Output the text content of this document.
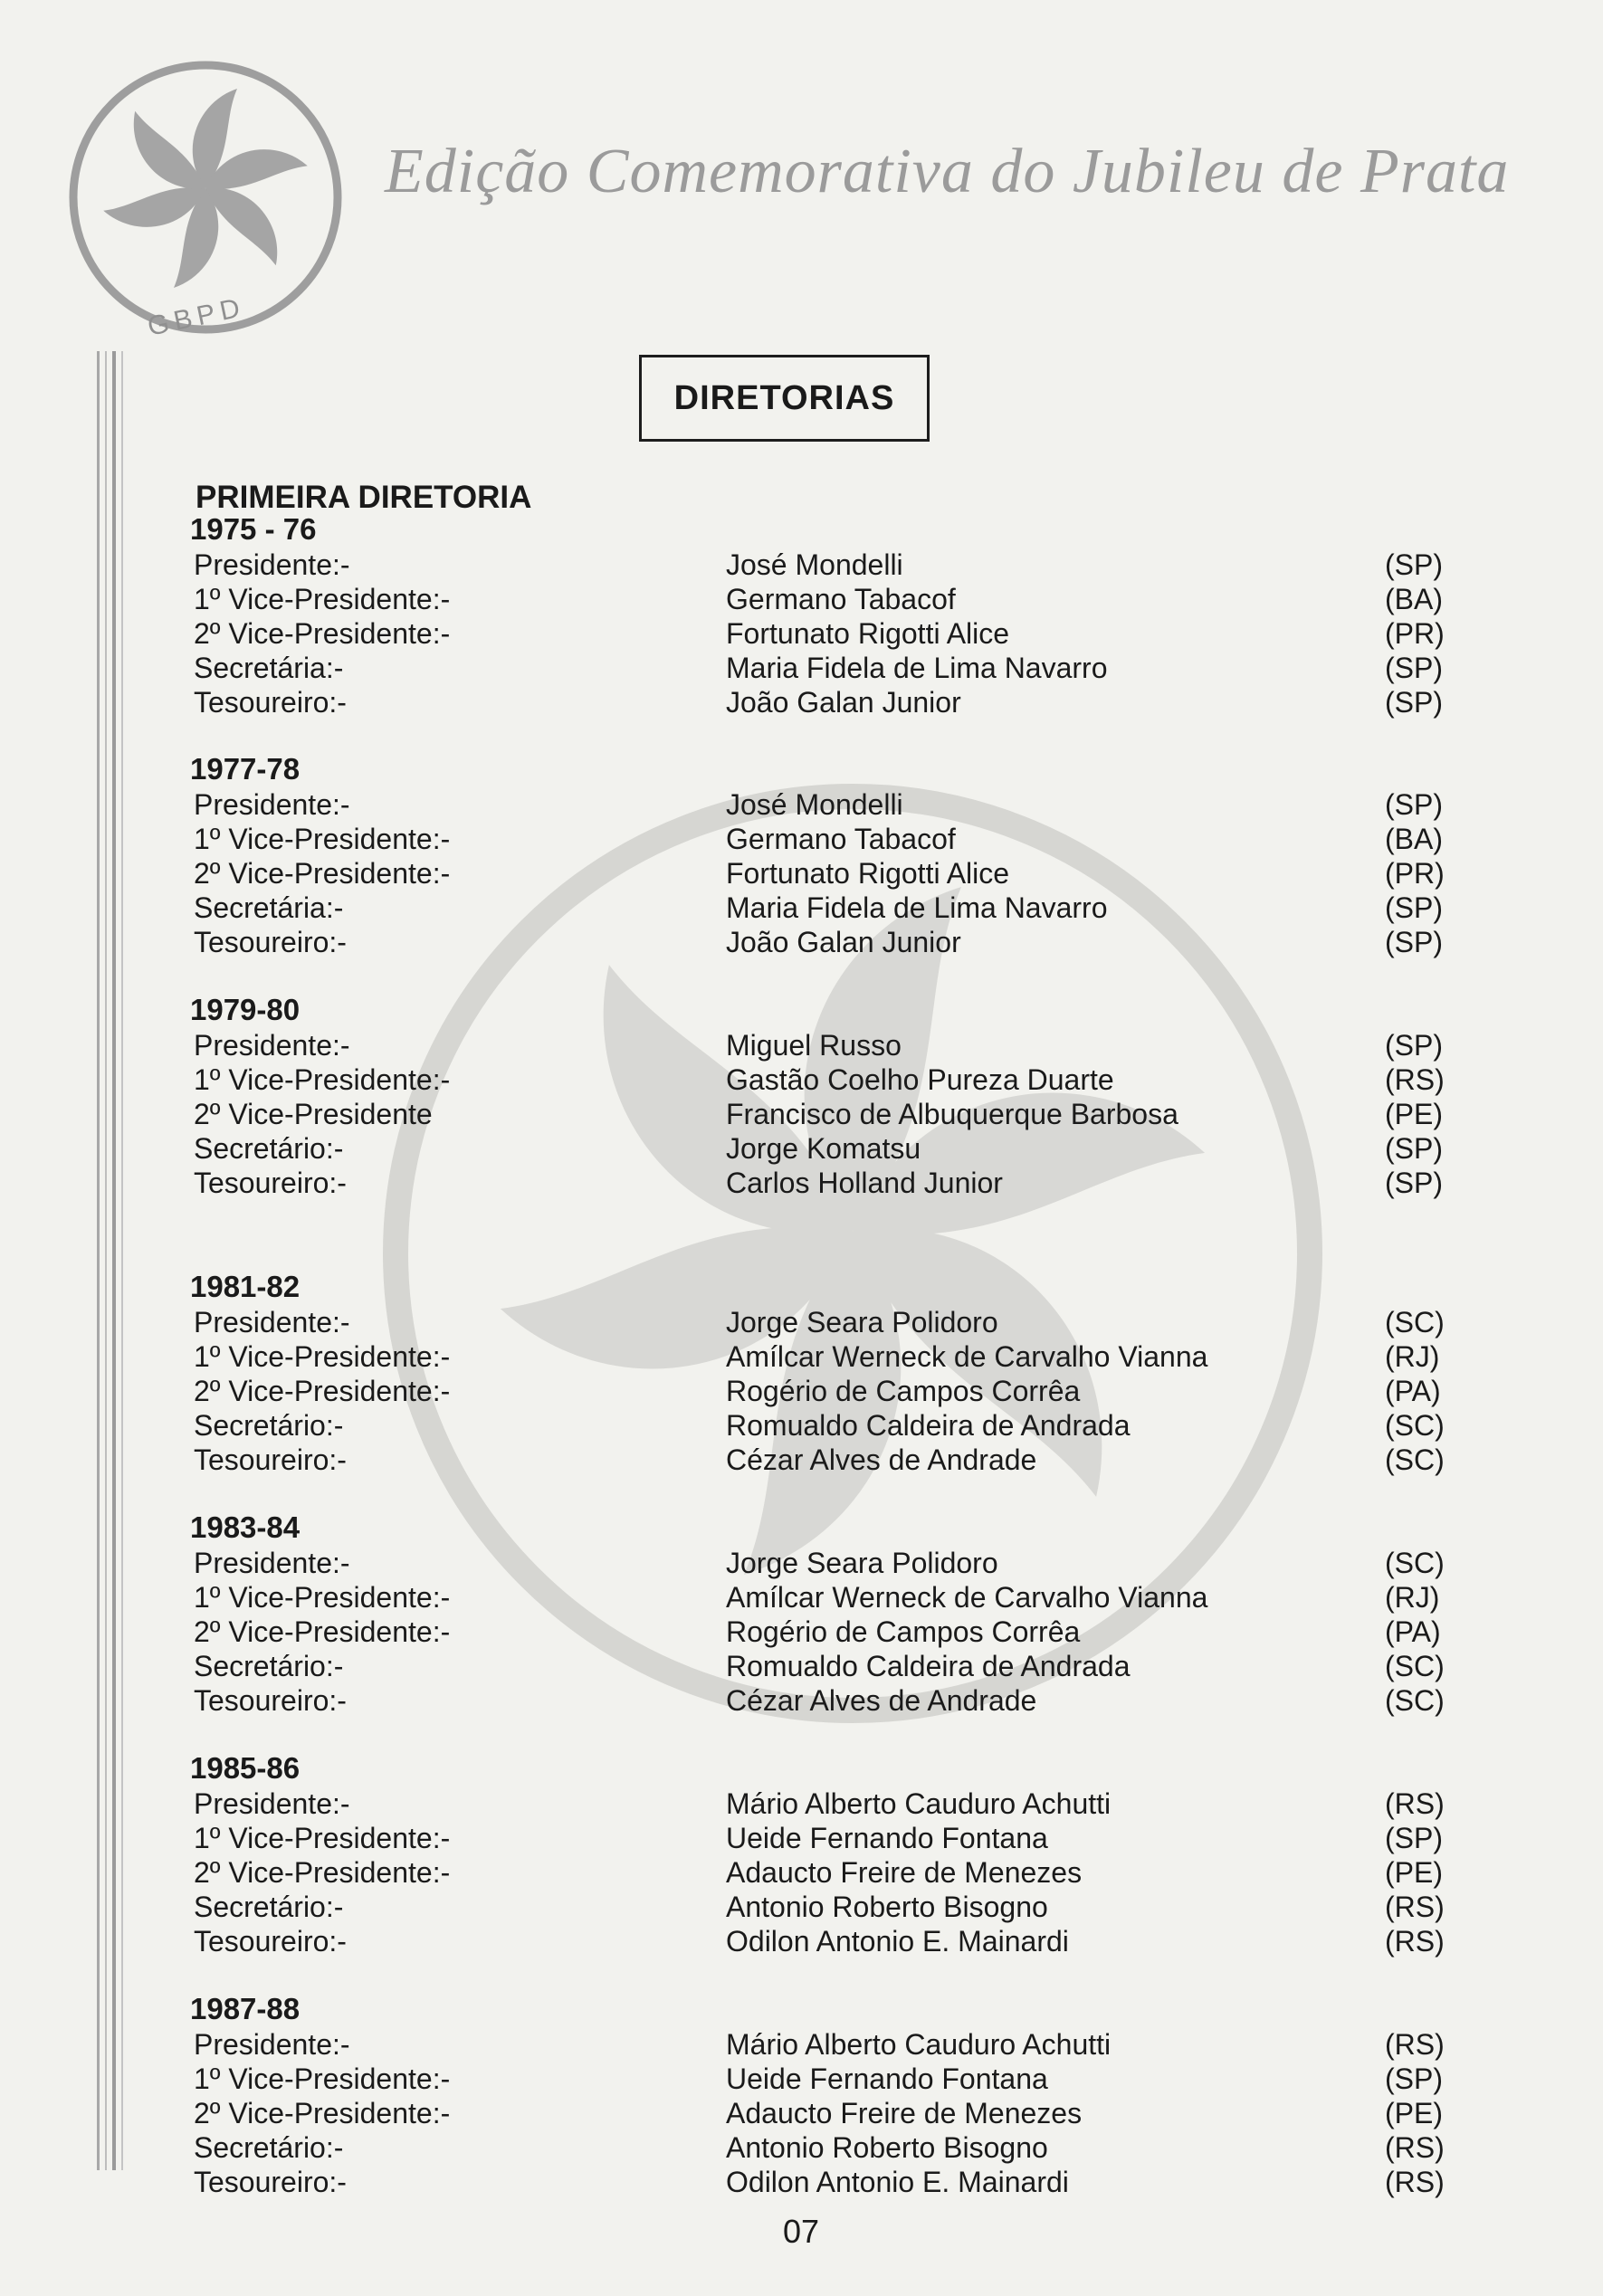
GBPD
Edição Comemorativa do Jubileu de Prata
DIRETORIAS
PRIMEIRA DIRETORIA
1975 - 76
Presidente:-	José Mondelli	(SP)
1º Vice-Presidente:-	Germano Tabacof	(BA)
2º Vice-Presidente:-	Fortunato Rigotti Alice	(PR)
Secretária:-	Maria Fidela de Lima Navarro	(SP)
Tesoureiro:-	João Galan Junior	(SP)
1977-78
Presidente:-	José Mondelli	(SP)
1º Vice-Presidente:-	Germano Tabacof	(BA)
2º Vice-Presidente:-	Fortunato Rigotti Alice	(PR)
Secretária:-	Maria Fidela de Lima Navarro	(SP)
Tesoureiro:-	João Galan Junior	(SP)
1979-80
Presidente:-	Miguel Russo	(SP)
1º Vice-Presidente:-	Gastão Coelho Pureza Duarte	(RS)
2º Vice-Presidente	Francisco de Albuquerque Barbosa	(PE)
Secretário:-	Jorge Komatsu	(SP)
Tesoureiro:-	Carlos Holland Junior	(SP)
1981-82
Presidente:-	Jorge Seara Polidoro	(SC)
1º Vice-Presidente:-	Amílcar Werneck de Carvalho Vianna	(RJ)
2º Vice-Presidente:-	Rogério de Campos Corrêa	(PA)
Secretário:-	Romualdo Caldeira de Andrada	(SC)
Tesoureiro:-	Cézar Alves de Andrade	(SC)
1983-84
Presidente:-	Jorge Seara Polidoro	(SC)
1º Vice-Presidente:-	Amílcar Werneck de Carvalho Vianna	(RJ)
2º Vice-Presidente:-	Rogério de Campos Corrêa	(PA)
Secretário:-	Romualdo Caldeira de Andrada	(SC)
Tesoureiro:-	Cézar Alves de Andrade	(SC)
1985-86
Presidente:-	Mário Alberto Cauduro Achutti	(RS)
1º Vice-Presidente:-	Ueide Fernando Fontana	(SP)
2º Vice-Presidente:-	Adaucto Freire de Menezes	(PE)
Secretário:-	Antonio Roberto Bisogno	(RS)
Tesoureiro:-	Odilon Antonio E. Mainardi	(RS)
1987-88
Presidente:-	Mário Alberto Cauduro Achutti	(RS)
1º Vice-Presidente:-	Ueide Fernando Fontana	(SP)
2º Vice-Presidente:-	Adaucto Freire de Menezes	(PE)
Secretário:-	Antonio Roberto Bisogno	(RS)
Tesoureiro:-	Odilon Antonio E. Mainardi	(RS)
07
